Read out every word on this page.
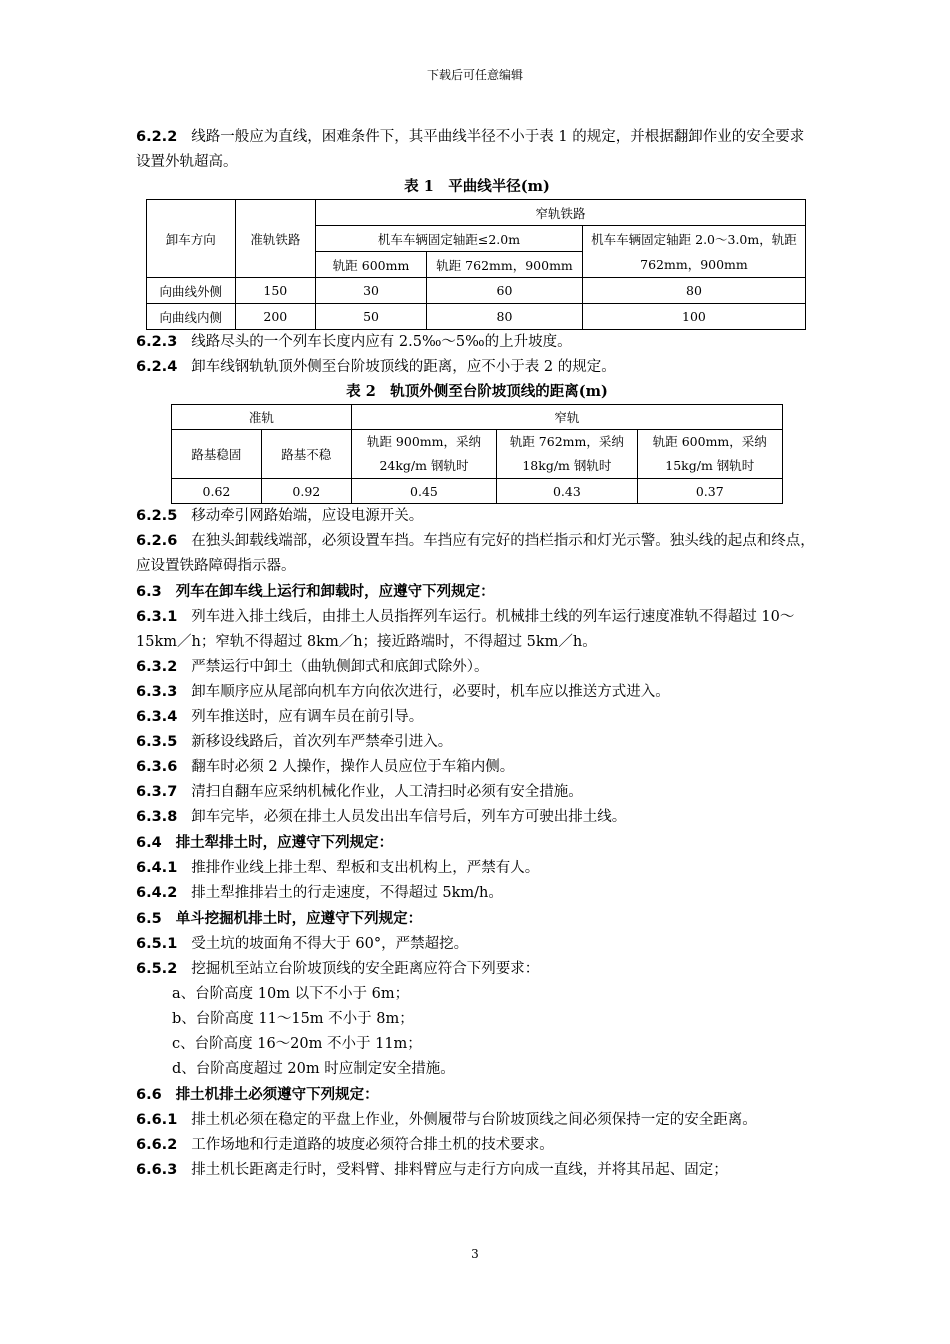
下载后可任意编辑

6.2.2 线路一般应为直线，困难条件下，其平曲线半径不小于表 1 的规定，并根据翻卸作业的安全要求设置外轨超高。

表 1　平曲线半径(m)

卸车方向	准轨铁路	窄轨铁路		
		机车车辆固定轴距≤2.0m		机车车辆固定轴距 2.0～3.0m，轨距 762mm，900mm
		轨距 600mm	轨距 762mm，900mm	
向曲线外侧	150	30	60	80
向曲线内侧	200	50	80	100

6.2.3 线路尽头的一个列车长度内应有 2.5‰～5‰的上升坡度。

6.2.4 卸车线钢轨轨顶外侧至台阶坡顶线的距离，应不小于表 2 的规定。

表 2　轨顶外侧至台阶坡顶线的距离(m)

准轨		窄轨		
路基稳固	路基不稳	轨距 900mm，采纳 24kg/m 钢轨时	轨距 762mm，采纳 18kg/m 钢轨时	轨距 600mm，采纳 15kg/m 钢轨时
0.62	0.92	0.45	0.43	0.37

6.2.5 移动牵引网路始端，应设电源开关。

6.2.6 在独头卸载线端部，必须设置车挡。车挡应有完好的挡栏指示和灯光示警。独头线的起点和终点，应设置铁路障碍指示器。

6.3 列车在卸车线上运行和卸载时，应遵守下列规定：

6.3.1 列车进入排土线后，由排土人员指挥列车运行。机械排土线的列车运行速度准轨不得超过 10～15km／h；窄轨不得超过 8km／h；接近路端时，不得超过 5km／h。

6.3.2 严禁运行中卸土（曲轨侧卸式和底卸式除外）。

6.3.3 卸车顺序应从尾部向机车方向依次进行，必要时，机车应以推送方式进入。

6.3.4 列车推送时，应有调车员在前引导。

6.3.5 新移设线路后，首次列车严禁牵引进入。

6.3.6 翻车时必须 2 人操作，操作人员应位于车箱内侧。

6.3.7 清扫自翻车应采纳机械化作业，人工清扫时必须有安全措施。

6.3.8 卸车完毕，必须在排土人员发出出车信号后，列车方可驶出排土线。

6.4 排土犁排土时，应遵守下列规定：

6.4.1 推排作业线上排土犁、犁板和支出机构上，严禁有人。

6.4.2 排土犁推排岩土的行走速度，不得超过 5km/h。

6.5 单斗挖掘机排土时，应遵守下列规定：

6.5.1 受土坑的坡面角不得大于 60°，严禁超挖。

6.5.2 挖掘机至站立台阶坡顶线的安全距离应符合下列要求：

a、台阶高度 10m 以下不小于 6m；

b、台阶高度 11～15m 不小于 8m；

c、台阶高度 16～20m 不小于 11m；

d、台阶高度超过 20m 时应制定安全措施。

6.6 排土机排土必须遵守下列规定：

6.6.1 排土机必须在稳定的平盘上作业，外侧履带与台阶坡顶线之间必须保持一定的安全距离。

6.6.2 工作场地和行走道路的坡度必须符合排土机的技术要求。

6.6.3 排土机长距离走行时，受料臂、排料臂应与走行方向成一直线，并将其吊起、固定；

3
